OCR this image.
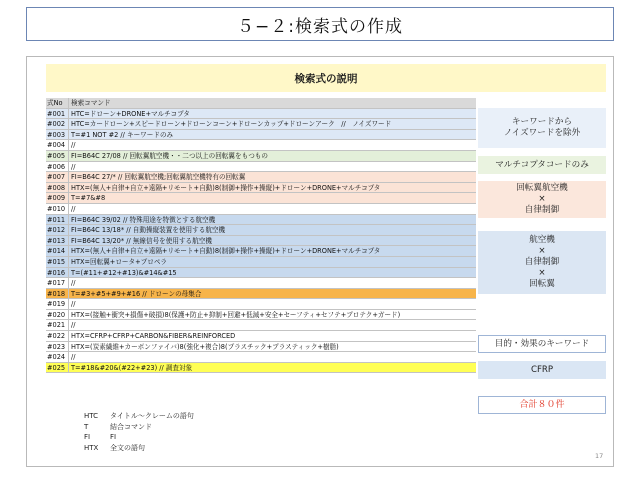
５−２:検索式の作成
検索式の説明
式No	検索コマンド
#001 HTC=ドローン+DRONE+マルチコプタ
#002 HTC=カードローン+スピードローン+ドローンコーン+ドローンカップ+ドローンアーク　//　ノイズワード
#003 T=#1 NOT #2 // キーワードのみ
#004 //
#005 FI=B64C 27/08 // 回転翼航空機・・二つ以上の回転翼をもつもの
#006 //
#007 FI=B64C 27/* // 回転翼航空機;回転翼航空機特有の回転翼
#008 HTX=(無人+自律+自立+遠隔+リモート+自動)8(制御+操作+操縦)+ドローン+DRONE+マルチコプタ
#009 T=#7&#8
#010 //
#011 FI=B64C 39/02 // 特殊用途を特徴とする航空機
#012 FI=B64C 13/18* // 自動操縦装置を使用する航空機
#013 FI=B64C 13/20* // 無線信号を使用する航空機
#014 HTX=(無人+自律+自立+遠隔+リモート+自動)8(制御+操作+操縦)+ドローン+DRONE+マルチコプタ
#015 HTX=回転翼+ロータ+プロペラ
#016 T=(#11+#12+#13)&#14&#15
#017 //
#018 T=#3+#5+#9+#16 // ドローンの母集合
#019 //
#020 HTX=(接触+衝突+損傷+破損)8(保護+防止+抑制+回避+低減+安全+セーフティ+セフテ+プロテク+ガード)
#021 //
#022 HTX=CFRP+CFRP+CARBON&FIBER&REINFORCED
#023 HTX=(炭素繊維+カーボンファイバ)8(強化+複合)8(プラスチック+プラスティック+樹脂)
#024 //
#025 T=#18&#20&(#22+#23) // 調査対象
キーワードから
ノイズワードを除外
マルチコプタコードのみ
回転翼航空機
×
自律制御
航空機
×
自律制御
×
回転翼
目的・効果のキーワード
CFRP
合計８０件
HTC	タイトル〜クレームの語句
T	結合コマンド
FI	FI
HTX	全文の語句
17
